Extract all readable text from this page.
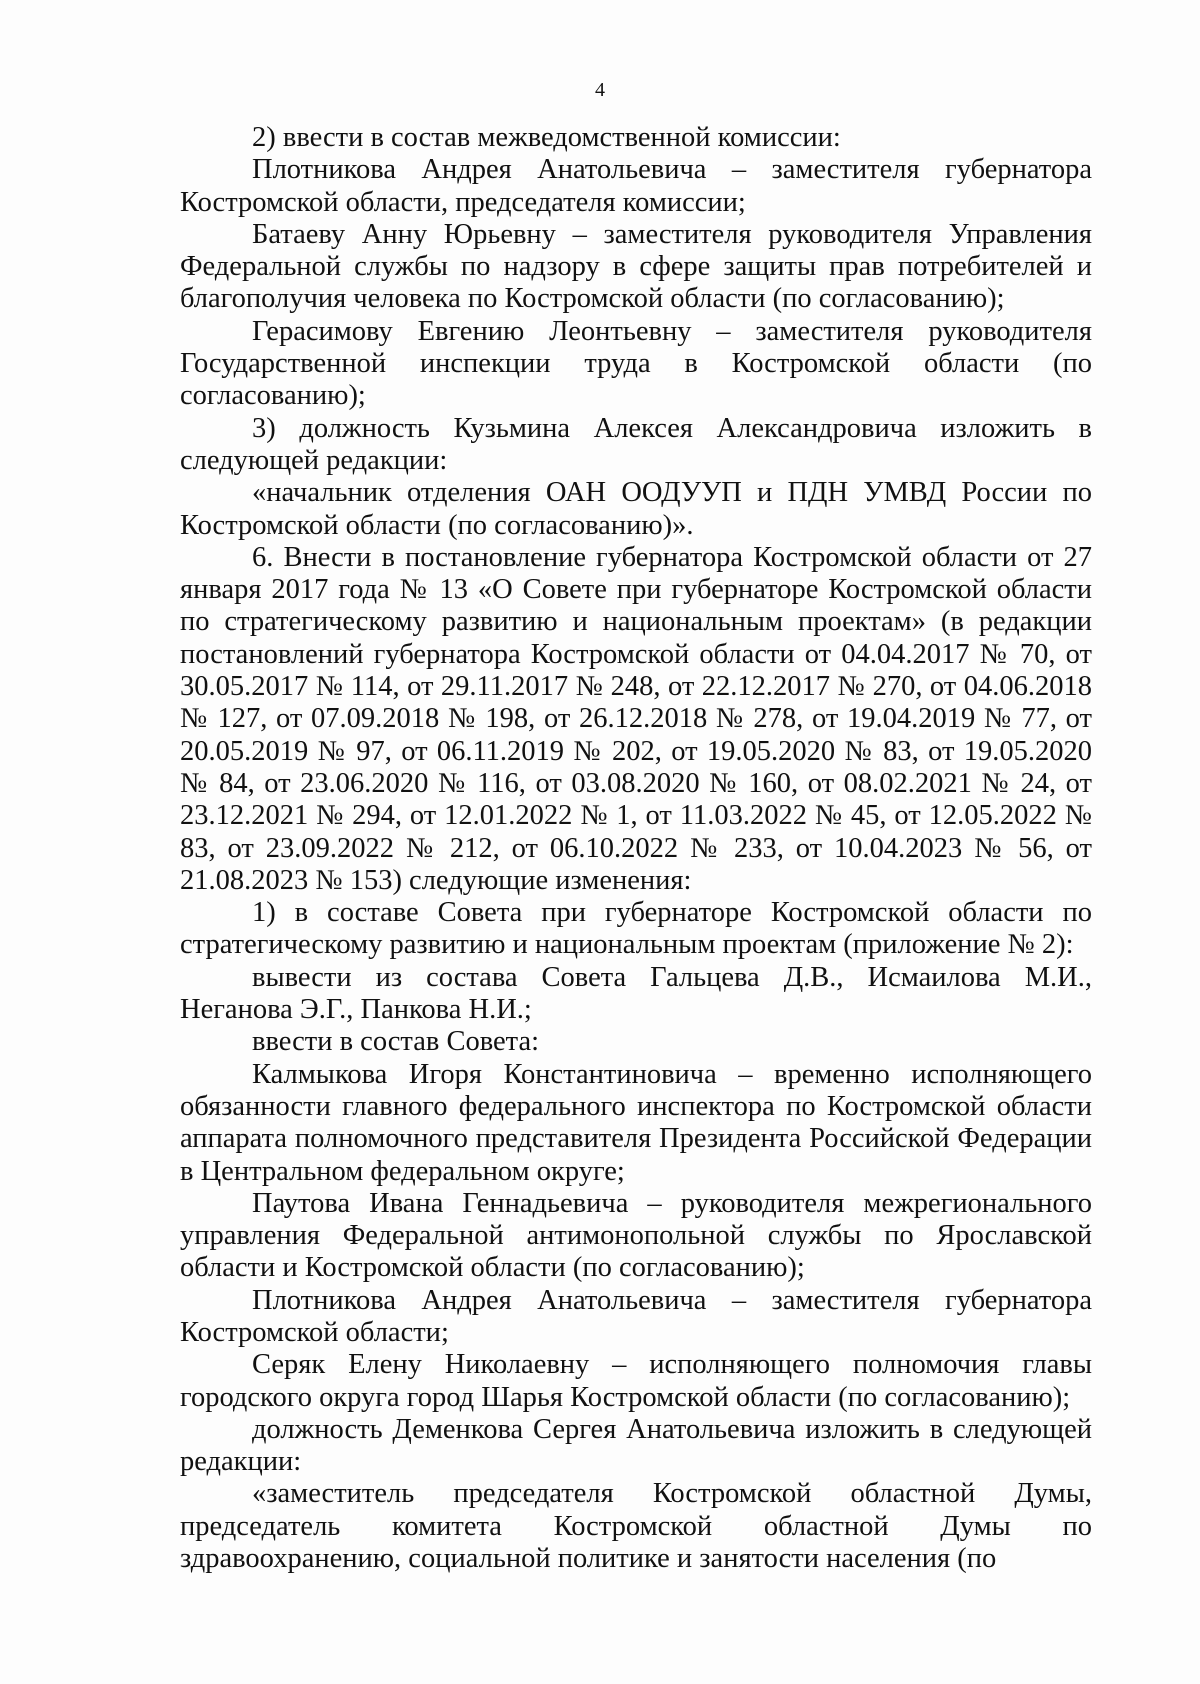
4

2) ввести в состав межведомственной комиссии:

Плотникова Андрея Анатольевича – заместителя губернатора Костромской области, председателя комиссии;

Батаеву Анну Юрьевну – заместителя руководителя Управления Федеральной службы по надзору в сфере защиты прав потребителей и благополучия человека по Костромской области (по согласованию);

Герасимову Евгению Леонтьевну – заместителя руководителя Государственной инспекции труда в Костромской области (по согласованию);

3) должность Кузьмина Алексея Александровича изложить в следующей редакции:

«начальник отделения ОАН ООДУУП и ПДН УМВД России по Костромской области (по согласованию)».

6. Внести в постановление губернатора Костромской области от 27 января 2017 года № 13 «О Совете при губернаторе Костромской области по стратегическому развитию и национальным проектам» (в редакции постановлений губернатора Костромской области от 04.04.2017 № 70, от 30.05.2017 № 114, от 29.11.2017 № 248, от 22.12.2017 № 270, от 04.06.2018 № 127, от 07.09.2018 № 198, от 26.12.2018 № 278, от 19.04.2019 № 77, от 20.05.2019 № 97, от 06.11.2019 № 202, от 19.05.2020 № 83, от 19.05.2020 № 84, от 23.06.2020 № 116, от 03.08.2020 № 160, от 08.02.2021 № 24, от 23.12.2021 № 294, от 12.01.2022 № 1, от 11.03.2022 № 45, от 12.05.2022 № 83, от 23.09.2022 № 212, от 06.10.2022 № 233, от 10.04.2023 № 56, от 21.08.2023 № 153) следующие изменения:

1) в составе Совета при губернаторе Костромской области по стратегическому развитию и национальным проектам (приложение № 2):

вывести из состава Совета Гальцева Д.В., Исмаилова М.И., Неганова Э.Г., Панкова Н.И.;

ввести в состав Совета:

Калмыкова Игоря Константиновича – временно исполняющего обязанности главного федерального инспектора по Костромской области аппарата полномочного представителя Президента Российской Федерации в Центральном федеральном округе;

Паутова Ивана Геннадьевича – руководителя межрегионального управления Федеральной антимонопольной службы по Ярославской области и Костромской области (по согласованию);

Плотникова Андрея Анатольевича – заместителя губернатора Костромской области;

Серяк Елену Николаевну – исполняющего полномочия главы городского округа город Шарья Костромской области (по согласованию);

должность Деменкова Сергея Анатольевича изложить в следующей редакции:

«заместитель председателя Костромской областной Думы, председатель комитета Костромской областной Думы по здравоохранению, социальной политике и занятости населения (по
